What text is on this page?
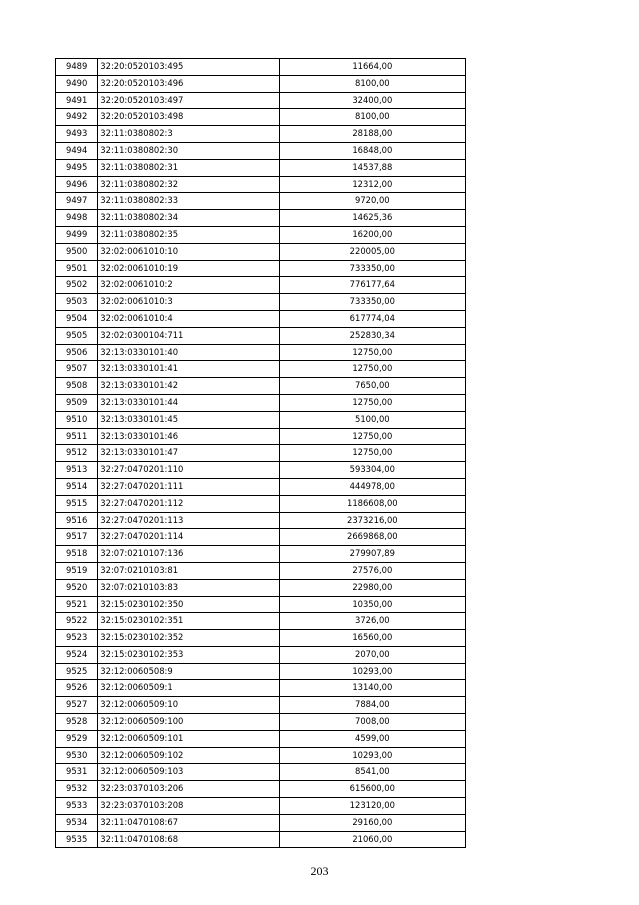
9489	32:20:0520103:495	11664,00
9490	32:20:0520103:496	8100,00
9491	32:20:0520103:497	32400,00
9492	32:20:0520103:498	8100,00
9493	32:11:0380802:3	28188,00
9494	32:11:0380802:30	16848,00
9495	32:11:0380802:31	14537,88
9496	32:11:0380802:32	12312,00
9497	32:11:0380802:33	9720,00
9498	32:11:0380802:34	14625,36
9499	32:11:0380802:35	16200,00
9500	32:02:0061010:10	220005,00
9501	32:02:0061010:19	733350,00
9502	32:02:0061010:2	776177,64
9503	32:02:0061010:3	733350,00
9504	32:02:0061010:4	617774,04
9505	32:02:0300104:711	252830,34
9506	32:13:0330101:40	12750,00
9507	32:13:0330101:41	12750,00
9508	32:13:0330101:42	7650,00
9509	32:13:0330101:44	12750,00
9510	32:13:0330101:45	5100,00
9511	32:13:0330101:46	12750,00
9512	32:13:0330101:47	12750,00
9513	32:27:0470201:110	593304,00
9514	32:27:0470201:111	444978,00
9515	32:27:0470201:112	1186608,00
9516	32:27:0470201:113	2373216,00
9517	32:27:0470201:114	2669868,00
9518	32:07:0210107:136	279907,89
9519	32:07:0210103:81	27576,00
9520	32:07:0210103:83	22980,00
9521	32:15:0230102:350	10350,00
9522	32:15:0230102:351	3726,00
9523	32:15:0230102:352	16560,00
9524	32:15:0230102:353	2070,00
9525	32:12:0060508:9	10293,00
9526	32:12:0060509:1	13140,00
9527	32:12:0060509:10	7884,00
9528	32:12:0060509:100	7008,00
9529	32:12:0060509:101	4599,00
9530	32:12:0060509:102	10293,00
9531	32:12:0060509:103	8541,00
9532	32:23:0370103:206	615600,00
9533	32:23:0370103:208	123120,00
9534	32:11:0470108:67	29160,00
9535	32:11:0470108:68	21060,00
203
